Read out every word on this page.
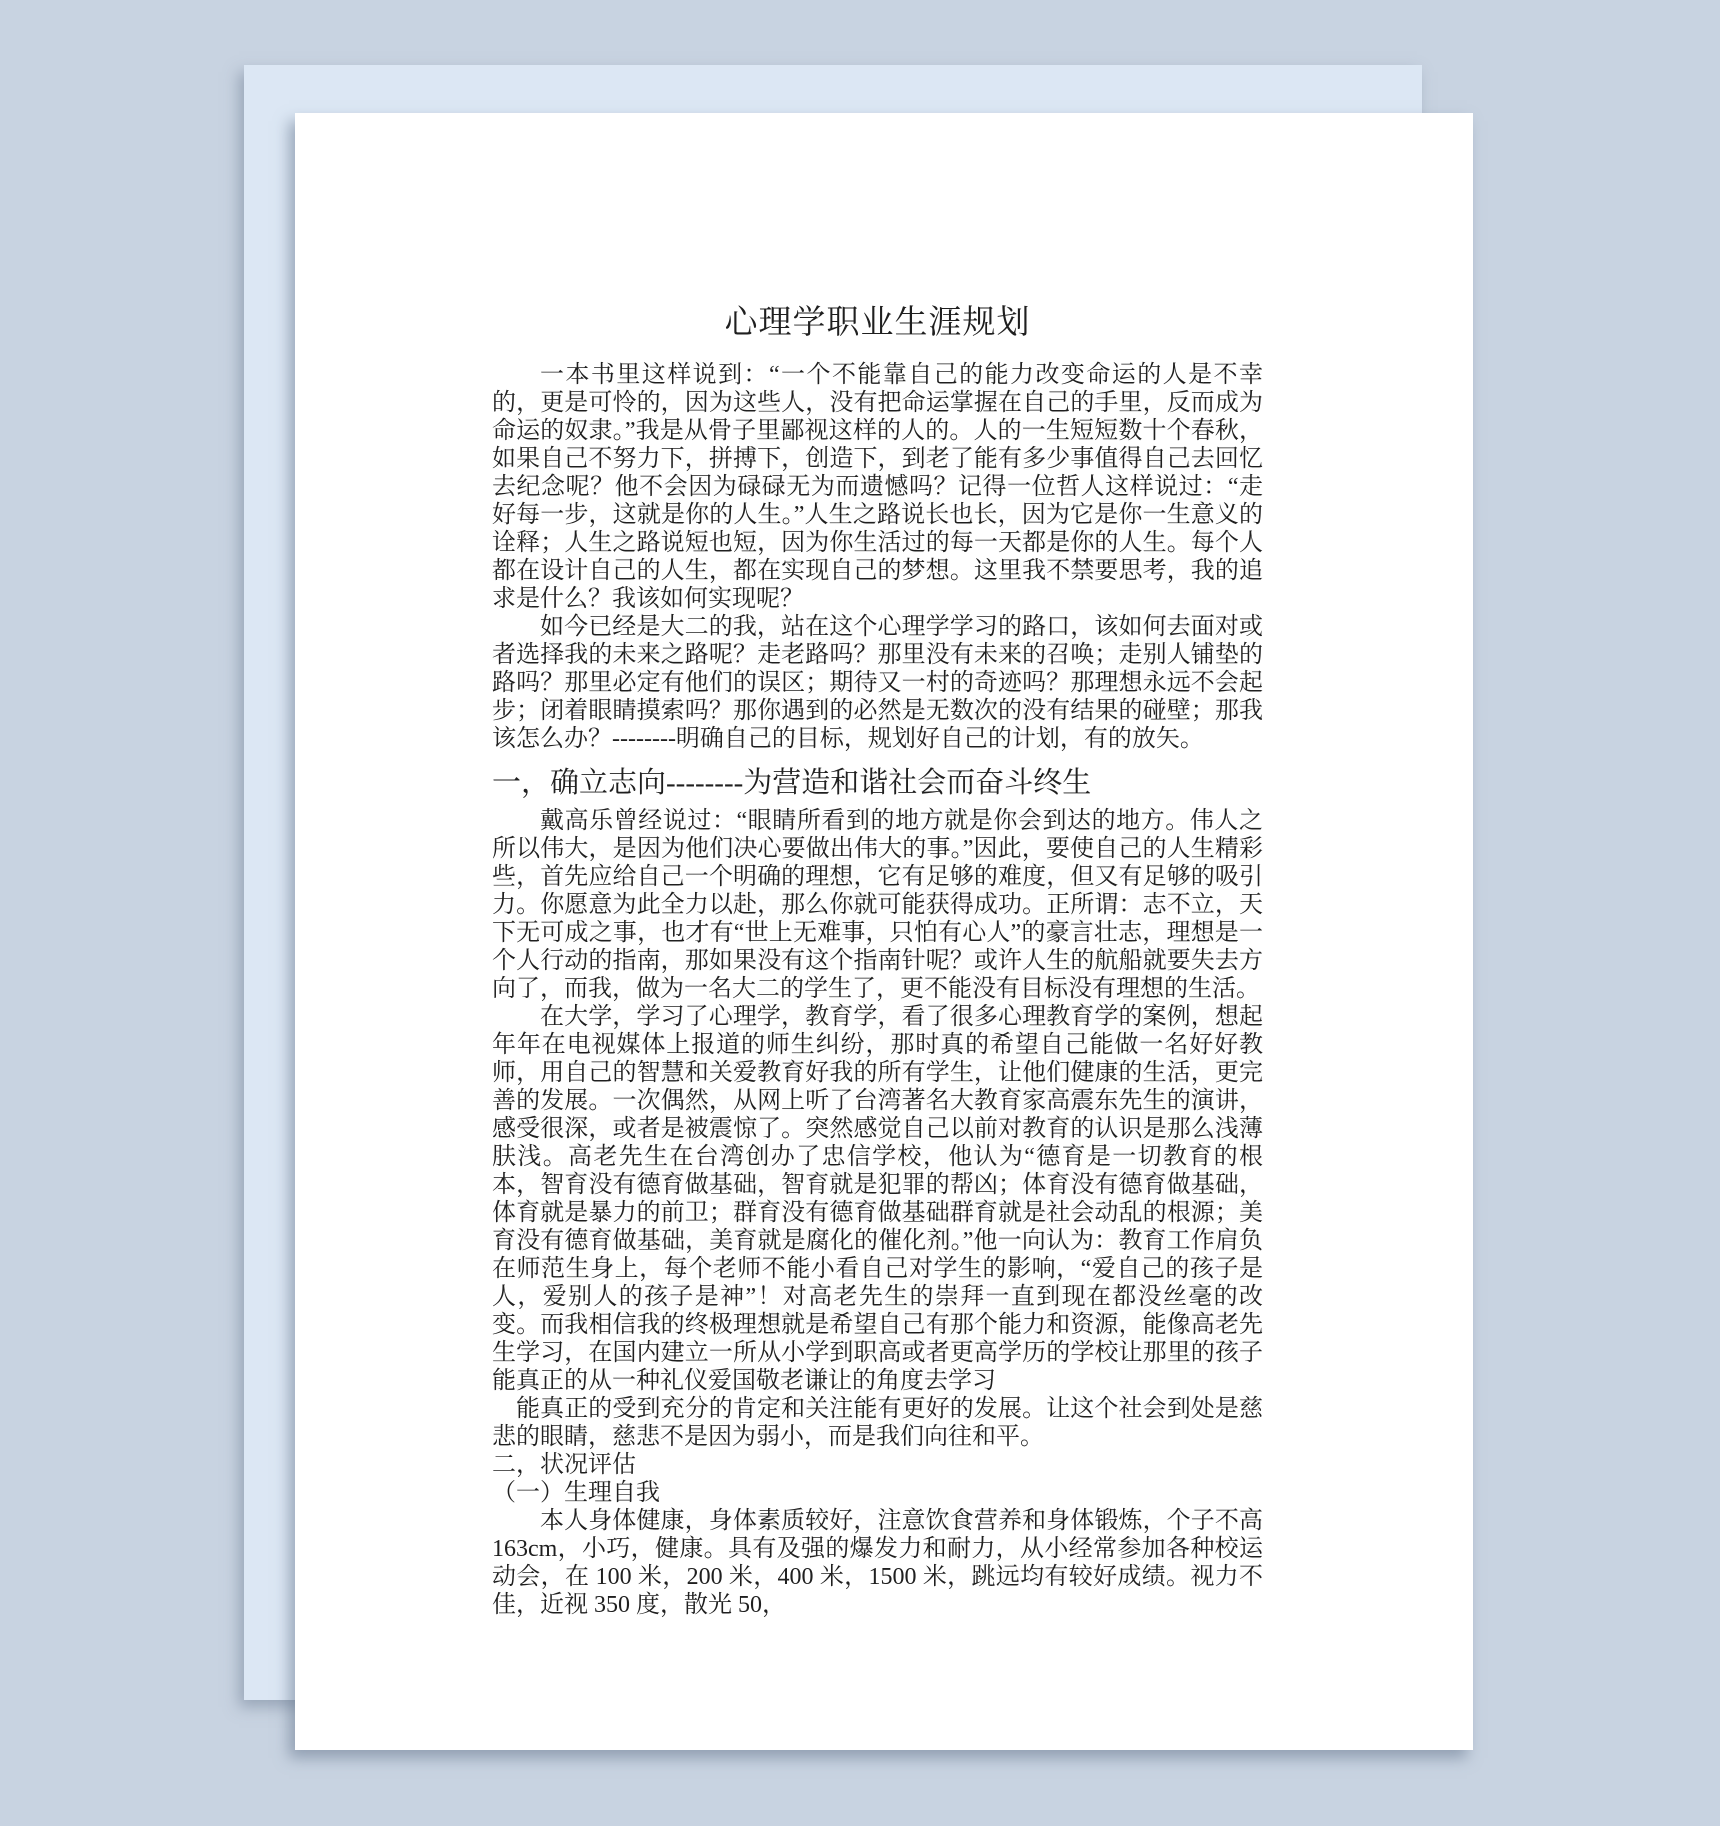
心理学职业生涯规划

一本书里这样说到：“一个不能靠自己的能力改变命运的人是不幸的，更是可怜的，因为这些人，没有把命运掌握在自己的手里，反而成为命运的奴隶。”我是从骨子里鄙视这样的人的。人的一生短短数十个春秋，如果自己不努力下，拼搏下，创造下，到老了能有多少事值得自己去回忆去纪念呢？他不会因为碌碌无为而遗憾吗？记得一位哲人这样说过：“走好每一步，这就是你的人生。”人生之路说长也长，因为它是你一生意义的诠释；人生之路说短也短，因为你生活过的每一天都是你的人生。每个人都在设计自己的人生，都在实现自己的梦想。这里我不禁要思考，我的追求是什么？我该如何实现呢？

如今已经是大二的我，站在这个心理学学习的路口，该如何去面对或者选择我的未来之路呢？走老路吗？那里没有未来的召唤；走别人铺垫的路吗？那里必定有他们的误区；期待又一村的奇迹吗？那理想永远不会起步；闭着眼睛摸索吗？那你遇到的必然是无数次的没有结果的碰壁；那我该怎么办？--------明确自己的目标，规划好自己的计划，有的放矢。

一，确立志向--------为营造和谐社会而奋斗终生

戴高乐曾经说过：“眼睛所看到的地方就是你会到达的地方。伟人之所以伟大，是因为他们决心要做出伟大的事。”因此，要使自己的人生精彩些，首先应给自己一个明确的理想，它有足够的难度，但又有足够的吸引力。你愿意为此全力以赴，那么你就可能获得成功。正所谓：志不立，天下无可成之事，也才有“世上无难事，只怕有心人”的豪言壮志，理想是一个人行动的指南，那如果没有这个指南针呢？或许人生的航船就要失去方向了，而我，做为一名大二的学生了，更不能没有目标没有理想的生活。

在大学，学习了心理学，教育学，看了很多心理教育学的案例，想起年年在电视媒体上报道的师生纠纷，那时真的希望自己能做一名好好教师，用自己的智慧和关爱教育好我的所有学生，让他们健康的生活，更完善的发展。一次偶然，从网上听了台湾著名大教育家高震东先生的演讲，感受很深，或者是被震惊了。突然感觉自己以前对教育的认识是那么浅薄肤浅。高老先生在台湾创办了忠信学校，他认为“德育是一切教育的根本，智育没有德育做基础，智育就是犯罪的帮凶；体育没有德育做基础，体育就是暴力的前卫；群育没有德育做基础群育就是社会动乱的根源；美育没有德育做基础，美育就是腐化的催化剂。”他一向认为：教育工作肩负在师范生身上，每个老师不能小看自己对学生的影响，“爱自己的孩子是人，爱别人的孩子是神”！对高老先生的崇拜一直到现在都没丝毫的改变。而我相信我的终极理想就是希望自己有那个能力和资源，能像高老先生学习，在国内建立一所从小学到职高或者更高学历的学校让那里的孩子能真正的从一种礼仪爱国敬老谦让的角度去学习

能真正的受到充分的肯定和关注能有更好的发展。让这个社会到处是慈悲的眼睛，慈悲不是因为弱小，而是我们向往和平。

二，状况评估

（一）生理自我

本人身体健康，身体素质较好，注意饮食营养和身体锻炼，个子不高 163cm，小巧，健康。具有及强的爆发力和耐力，从小经常参加各种校运动会，在 100 米，200 米，400 米，1500 米，跳远均有较好成绩。视力不佳，近视 350 度，散光 50，
